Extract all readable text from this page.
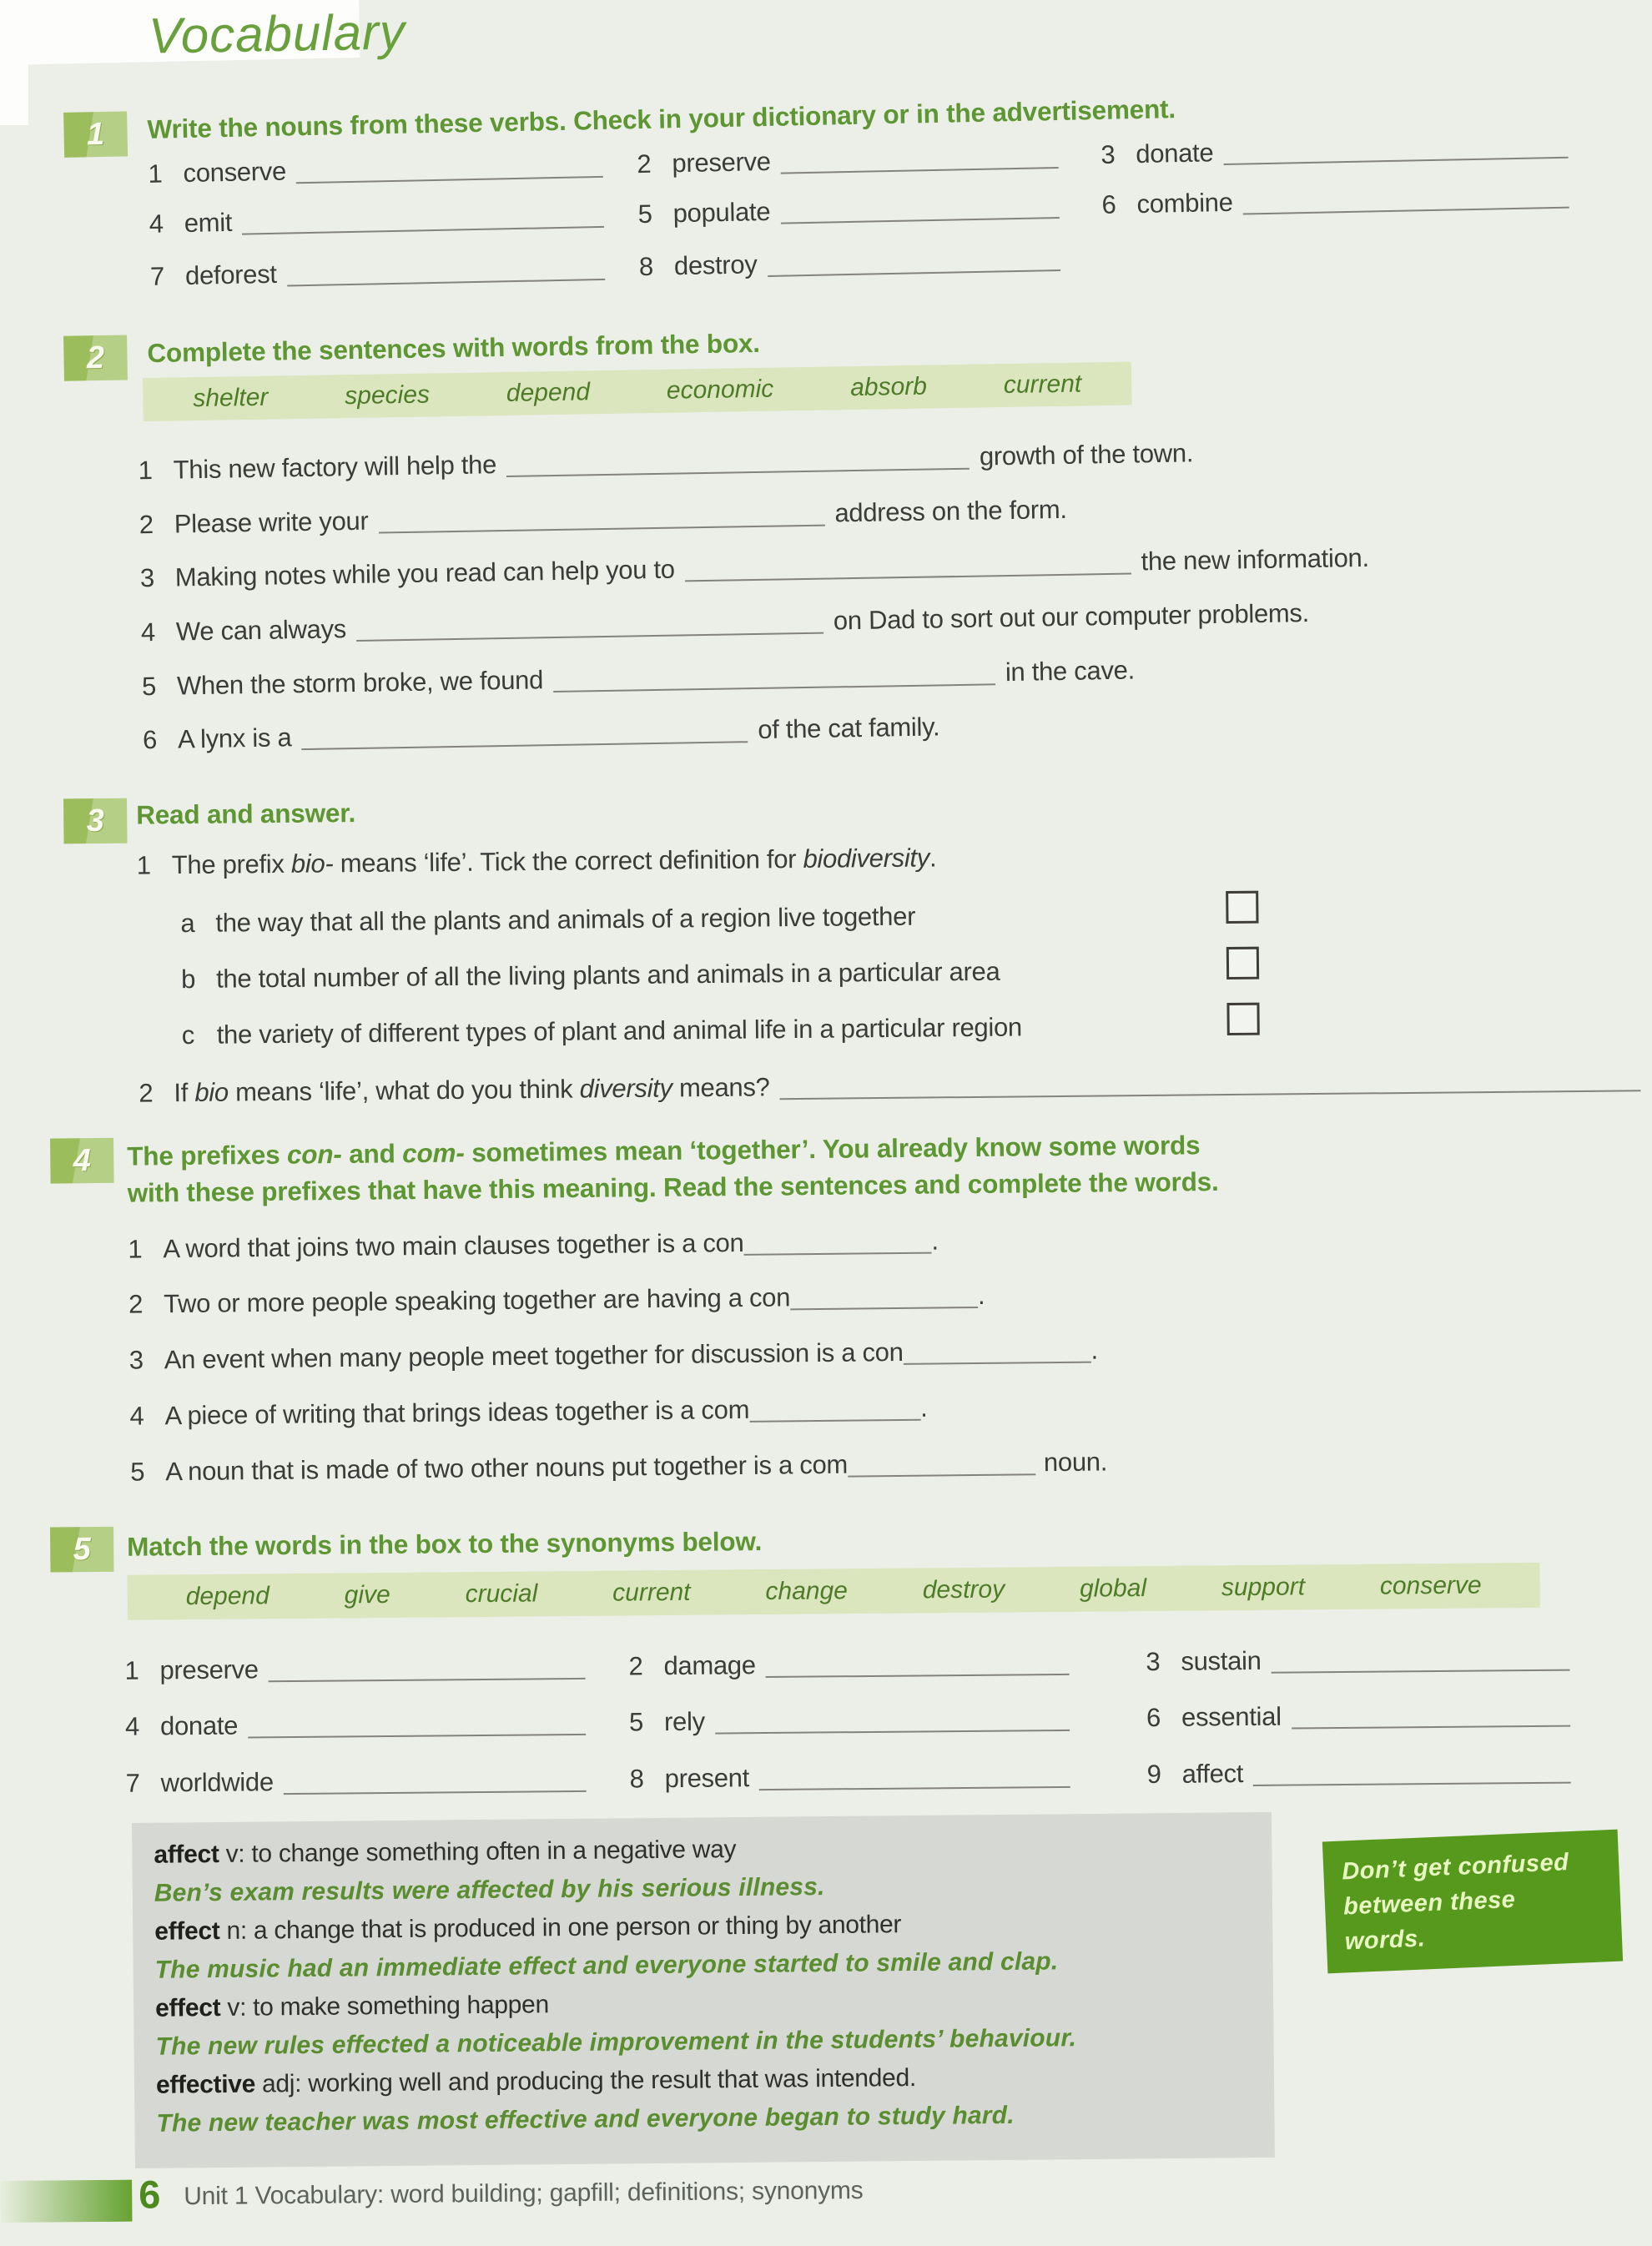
Vocabulary
1	Write the nouns from these verbs. Check in your dictionary or in the advertisement.
1 conserve	2 preserve	3 donate
4 emit	5 populate	6 combine
7 deforest	8 destroy
2	Complete the sentences with words from the box.
shelter	species	depend	economic	absorb	current
1 This new factory will help the	growth of the town.
2 Please write your	address on the form.
3 Making notes while you read can help you to	the new information.
4 We can always	on Dad to sort out our computer problems.
5 When the storm broke, we found	in the cave.
6 A lynx is a	of the cat family.
3	Read and answer.
1 The prefix bio- means ‘life’. Tick the correct definition for biodiversity.
a the way that all the plants and animals of a region live together
b the total number of all the living plants and animals in a particular area
c the variety of different types of plant and animal life in a particular region
2 If bio means ‘life’, what do you think diversity means?
4	The prefixes con- and com- sometimes mean ‘together’. You already know some words
with these prefixes that have this meaning. Read the sentences and complete the words.
1 A word that joins two main clauses together is a con	.
2 Two or more people speaking together are having a con	.
3 An event when many people meet together for discussion is a con	.
4 A piece of writing that brings ideas together is a com	.
5 A noun that is made of two other nouns put together is a com	noun.
5	Match the words in the box to the synonyms below.
depend	give	crucial	current	change	destroy	global	support	conserve
1 preserve	2 damage	3 sustain
4 donate	5 rely	6 essential
7 worldwide	8 present	9 affect
affect v: to change something often in a negative way
Ben’s exam results were affected by his serious illness.
effect n: a change that is produced in one person or thing by another
The music had an immediate effect and everyone started to smile and clap.
effect v: to make something happen
The new rules effected a noticeable improvement in the students’ behaviour.
effective adj: working well and producing the result that was intended.
The new teacher was most effective and everyone began to study hard.
Don’t get confused between these words.
6 Unit 1 Vocabulary: word building; gapfill; definitions; synonyms
